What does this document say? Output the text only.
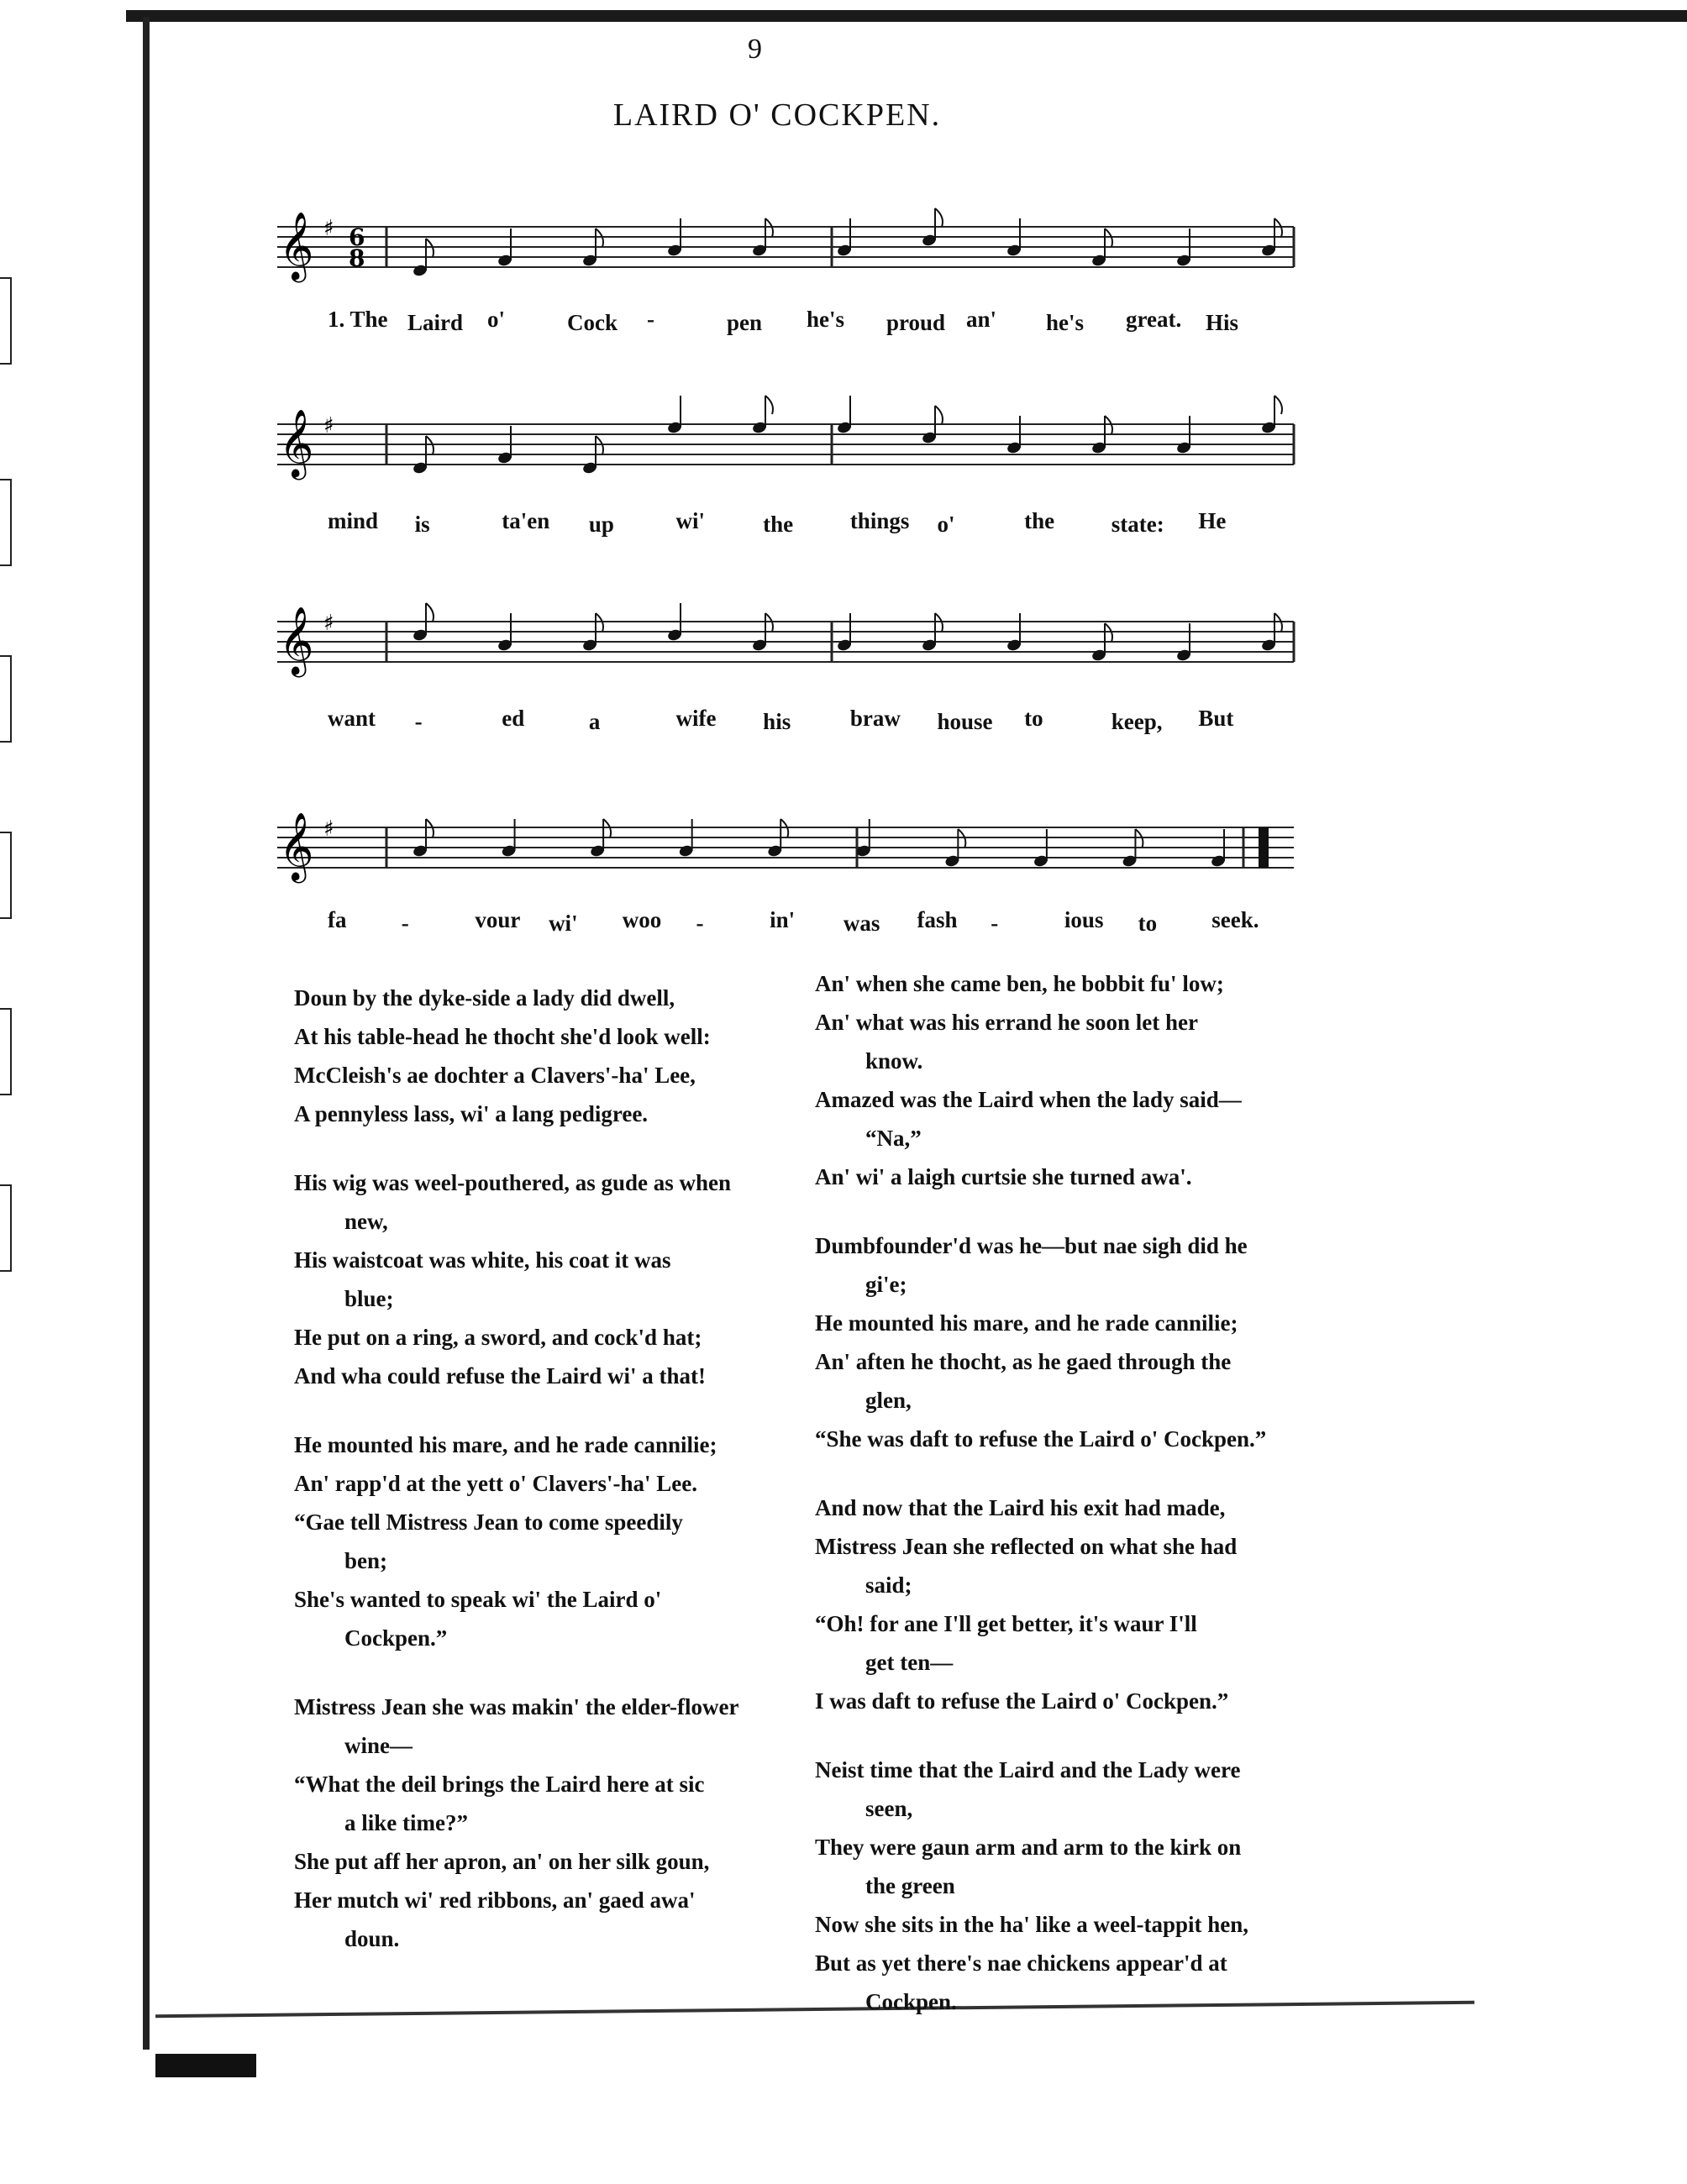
9
LAIRD O' COCKPEN.
𝄞 ♯ 6
8
1. The Laird o'	Cock -	pen he's proud an' he's great. His
𝄞 ♯
mind is	ta'en up	wi'	the	things o'	the	state: He
𝄞 ♯
want -	ed	a	wife his	braw house to	keep, But
𝄞 ♯
fa -	vour wi' woo -	in' was fash -	ious to seek.

Doun by the dyke-side a lady did dwell,

At his table-head he thocht she'd look well:

McCleish's ae dochter a Clavers'-ha' Lee,

A pennyless lass, wi' a lang pedigree.

His wig was weel-pouthered, as gude as when

new,

His waistcoat was white, his coat it was

blue;

He put on a ring, a sword, and cock'd hat;

And wha could refuse the Laird wi' a that!

He mounted his mare, and he rade cannilie;

An' rapp'd at the yett o' Clavers'-ha' Lee.

“Gae tell Mistress Jean to come speedily

ben;

She's wanted to speak wi' the Laird o'

Cockpen.”

Mistress Jean she was makin' the elder-flower

wine—

“What the deil brings the Laird here at sic

a like time?”

She put aff her apron, an' on her silk goun,

Her mutch wi' red ribbons, an' gaed awa'

doun.

An' when she came ben, he bobbit fu' low;

An' what was his errand he soon let her

know.

Amazed was the Laird when the lady said—

“Na,”

An' wi' a laigh curtsie she turned awa'.

Dumbfounder'd was he—but nae sigh did he

gi'e;

He mounted his mare, and he rade cannilie;

An' aften he thocht, as he gaed through the

glen,

“She was daft to refuse the Laird o' Cockpen.”

And now that the Laird his exit had made,

Mistress Jean she reflected on what she had

said;

“Oh! for ane I'll get better, it's waur I'll

get ten—

I was daft to refuse the Laird o' Cockpen.”

Neist time that the Laird and the Lady were

seen,

They were gaun arm and arm to the kirk on

the green

Now she sits in the ha' like a weel-tappit hen,

But as yet there's nae chickens appear'd at

Cockpen.
